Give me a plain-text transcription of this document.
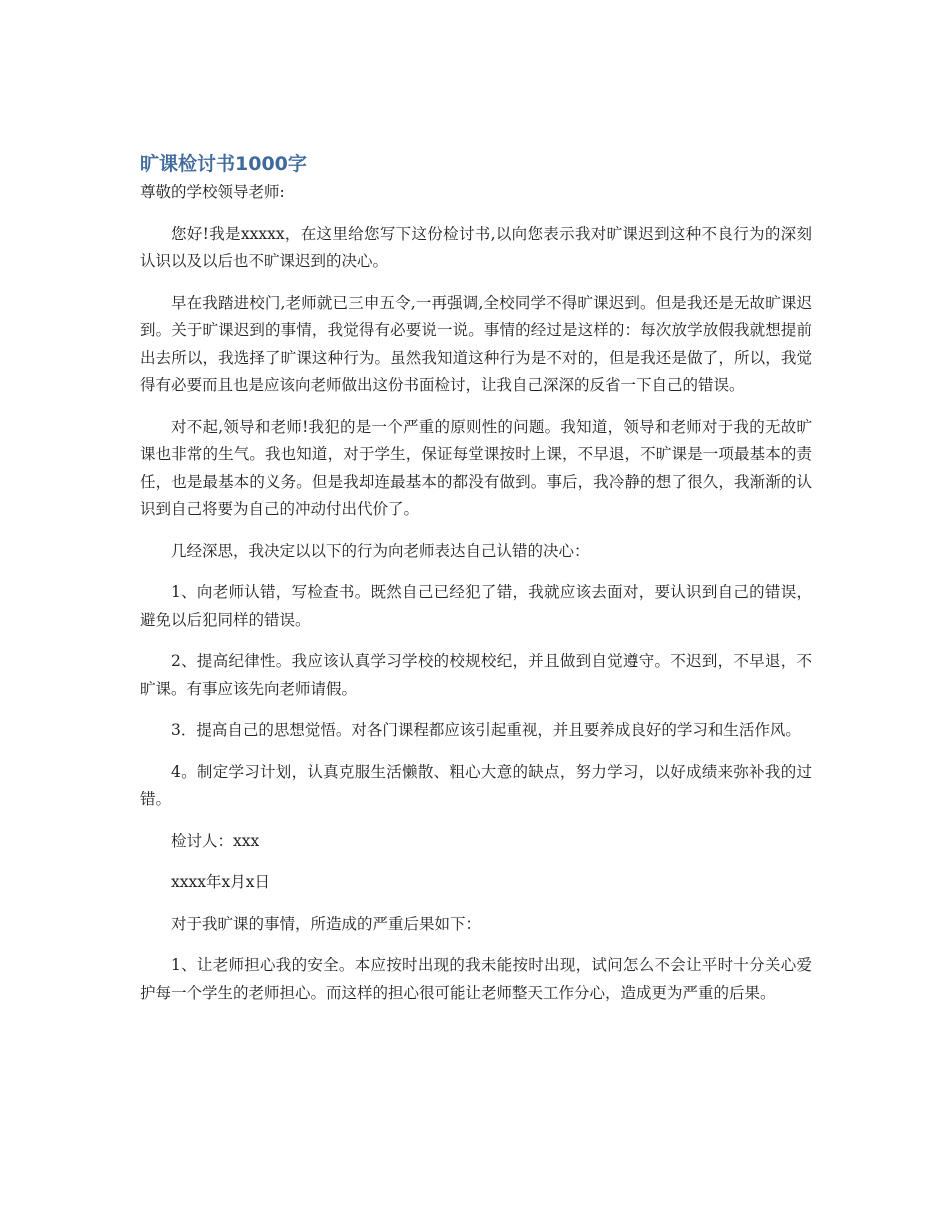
旷课检讨书1000字
尊敬的学校领导老师:

您好!我是xxxxx，在这里给您写下这份检讨书,以向您表示我对旷课迟到这种不良行为的深刻认识以及以后也不旷课迟到的决心。

早在我踏进校门,老师就已三申五令,一再强调,全校同学不得旷课迟到。但是我还是无故旷课迟到。关于旷课迟到的事情，我觉得有必要说一说。事情的经过是这样的：每次放学放假我就想提前出去所以，我选择了旷课这种行为。虽然我知道这种行为是不对的，但是我还是做了，所以，我觉得有必要而且也是应该向老师做出这份书面检讨，让我自己深深的反省一下自己的错误。

对不起,领导和老师!我犯的是一个严重的原则性的问题。我知道，领导和老师对于我的无故旷课也非常的生气。我也知道，对于学生，保证每堂课按时上课，不早退，不旷课是一项最基本的责任，也是最基本的义务。但是我却连最基本的都没有做到。事后，我冷静的想了很久，我渐渐的认识到自己将要为自己的冲动付出代价了。

几经深思，我决定以以下的行为向老师表达自己认错的决心：

1、向老师认错，写检查书。既然自己已经犯了错，我就应该去面对，要认识到自己的错误，避免以后犯同样的错误。

2、提高纪律性。我应该认真学习学校的校规校纪，并且做到自觉遵守。不迟到，不早退，不旷课。有事应该先向老师请假。

3．提高自己的思想觉悟。对各门课程都应该引起重视，并且要养成良好的学习和生活作风。

4。制定学习计划，认真克服生活懒散、粗心大意的缺点，努力学习，以好成绩来弥补我的过错。

检讨人：xxx

xxxx年x月x日

对于我旷课的事情，所造成的严重后果如下：

1、让老师担心我的安全。本应按时出现的我未能按时出现，试问怎么不会让平时十分关心爱护每一个学生的老师担心。而这样的担心很可能让老师整天工作分心，造成更为严重的后果。
